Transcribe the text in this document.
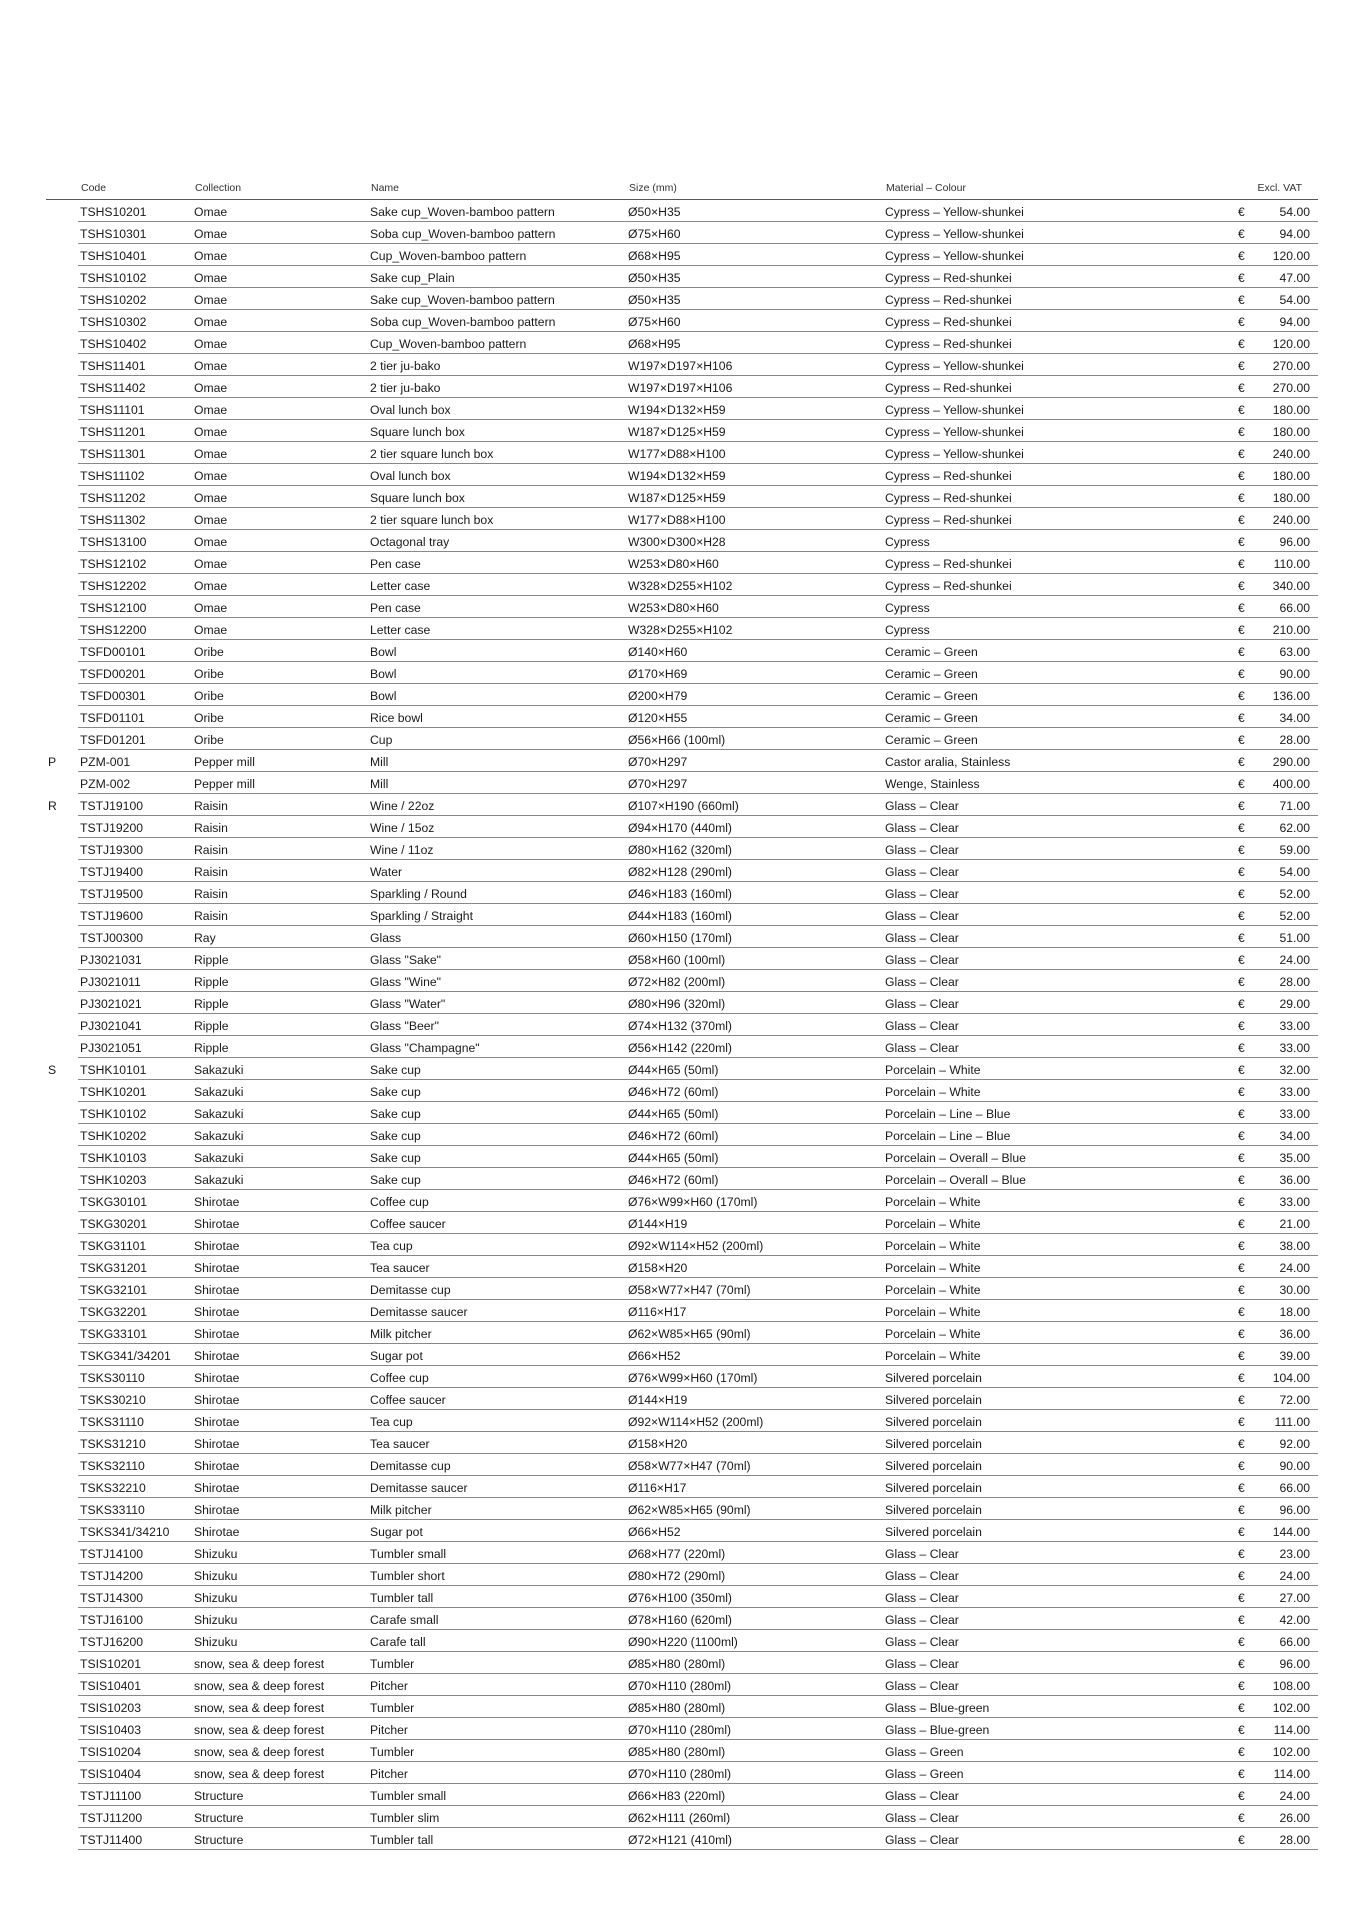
Code	Collection	Name	Size (mm)	Material – Colour	Excl. VAT
TSHS10201	Omae	Sake cup_Woven-bamboo pattern	Ø50×H35	Cypress – Yellow-shunkei	€	54.00
TSHS10301	Omae	Soba cup_Woven-bamboo pattern	Ø75×H60	Cypress – Yellow-shunkei	€	94.00
TSHS10401	Omae	Cup_Woven-bamboo pattern	Ø68×H95	Cypress – Yellow-shunkei	€ 120.00
TSHS10102	Omae	Sake cup_Plain	Ø50×H35	Cypress – Red-shunkei	€	47.00
TSHS10202	Omae	Sake cup_Woven-bamboo pattern	Ø50×H35	Cypress – Red-shunkei	€	54.00
TSHS10302	Omae	Soba cup_Woven-bamboo pattern	Ø75×H60	Cypress – Red-shunkei	€	94.00
TSHS10402	Omae	Cup_Woven-bamboo pattern	Ø68×H95	Cypress – Red-shunkei	€ 120.00
TSHS11401	Omae	2 tier ju-bako	W197×D197×H106	Cypress – Yellow-shunkei	€ 270.00
TSHS11402	Omae	2 tier ju-bako	W197×D197×H106	Cypress – Red-shunkei	€ 270.00
TSHS11101	Omae	Oval lunch box	W194×D132×H59	Cypress – Yellow-shunkei	€ 180.00
TSHS11201	Omae	Square lunch box	W187×D125×H59	Cypress – Yellow-shunkei	€ 180.00
TSHS11301	Omae	2 tier square lunch box	W177×D88×H100	Cypress – Yellow-shunkei	€ 240.00
TSHS11102	Omae	Oval lunch box	W194×D132×H59	Cypress – Red-shunkei	€ 180.00
TSHS11202	Omae	Square lunch box	W187×D125×H59	Cypress – Red-shunkei	€ 180.00
TSHS11302	Omae	2 tier square lunch box	W177×D88×H100	Cypress – Red-shunkei	€ 240.00
TSHS13100	Omae	Octagonal tray	W300×D300×H28	Cypress	€	96.00
TSHS12102	Omae	Pen case	W253×D80×H60	Cypress – Red-shunkei	€ 110.00
TSHS12202	Omae	Letter case	W328×D255×H102	Cypress – Red-shunkei	€ 340.00
TSHS12100	Omae	Pen case	W253×D80×H60	Cypress	€	66.00
TSHS12200	Omae	Letter case	W328×D255×H102	Cypress	€ 210.00
TSFD00101	Oribe	Bowl	Ø140×H60	Ceramic – Green	€	63.00
TSFD00201	Oribe	Bowl	Ø170×H69	Ceramic – Green	€	90.00
TSFD00301	Oribe	Bowl	Ø200×H79	Ceramic – Green	€ 136.00
TSFD01101	Oribe	Rice bowl	Ø120×H55	Ceramic – Green	€	34.00
TSFD01201	Oribe	Cup	Ø56×H66 (100ml)	Ceramic – Green	€	28.00
P PZM-001	Pepper mill	Mill	Ø70×H297	Castor aralia, Stainless	€ 290.00
PZM-002	Pepper mill	Mill	Ø70×H297	Wenge, Stainless	€ 400.00
R TSTJ19100	Raisin	Wine / 22oz	Ø107×H190 (660ml)	Glass – Clear	€	71.00
TSTJ19200	Raisin	Wine / 15oz	Ø94×H170 (440ml)	Glass – Clear	€	62.00
TSTJ19300	Raisin	Wine / 11oz	Ø80×H162 (320ml)	Glass – Clear	€	59.00
TSTJ19400	Raisin	Water	Ø82×H128 (290ml)	Glass – Clear	€	54.00
TSTJ19500	Raisin	Sparkling / Round	Ø46×H183 (160ml)	Glass – Clear	€	52.00
TSTJ19600	Raisin	Sparkling / Straight	Ø44×H183 (160ml)	Glass – Clear	€	52.00
TSTJ00300	Ray	Glass	Ø60×H150 (170ml)	Glass – Clear	€	51.00
PJ3021031	Ripple	Glass "Sake"	Ø58×H60 (100ml)	Glass – Clear	€	24.00
PJ3021011	Ripple	Glass "Wine"	Ø72×H82 (200ml)	Glass – Clear	€	28.00
PJ3021021	Ripple	Glass "Water"	Ø80×H96 (320ml)	Glass – Clear	€	29.00
PJ3021041	Ripple	Glass "Beer"	Ø74×H132 (370ml)	Glass – Clear	€	33.00
PJ3021051	Ripple	Glass "Champagne"	Ø56×H142 (220ml)	Glass – Clear	€	33.00
S TSHK10101	Sakazuki	Sake cup	Ø44×H65 (50ml)	Porcelain – White	€	32.00
TSHK10201	Sakazuki	Sake cup	Ø46×H72 (60ml)	Porcelain – White	€	33.00
TSHK10102	Sakazuki	Sake cup	Ø44×H65 (50ml)	Porcelain – Line – Blue	€	33.00
TSHK10202	Sakazuki	Sake cup	Ø46×H72 (60ml)	Porcelain – Line – Blue	€	34.00
TSHK10103	Sakazuki	Sake cup	Ø44×H65 (50ml)	Porcelain – Overall – Blue	€	35.00
TSHK10203	Sakazuki	Sake cup	Ø46×H72 (60ml)	Porcelain – Overall – Blue	€	36.00
TSKG30101	Shirotae	Coffee cup	Ø76×W99×H60 (170ml)	Porcelain – White	€	33.00
TSKG30201	Shirotae	Coffee saucer	Ø144×H19	Porcelain – White	€	21.00
TSKG31101	Shirotae	Tea cup	Ø92×W114×H52 (200ml)	Porcelain – White	€	38.00
TSKG31201	Shirotae	Tea saucer	Ø158×H20	Porcelain – White	€	24.00
TSKG32101	Shirotae	Demitasse cup	Ø58×W77×H47 (70ml)	Porcelain – White	€	30.00
TSKG32201	Shirotae	Demitasse saucer	Ø116×H17	Porcelain – White	€	18.00
TSKG33101	Shirotae	Milk pitcher	Ø62×W85×H65 (90ml)	Porcelain – White	€	36.00
TSKG341/34201 Shirotae	Sugar pot	Ø66×H52	Porcelain – White	€	39.00
TSKS30110	Shirotae	Coffee cup	Ø76×W99×H60 (170ml)	Silvered porcelain	€ 104.00
TSKS30210	Shirotae	Coffee saucer	Ø144×H19	Silvered porcelain	€	72.00
TSKS31110	Shirotae	Tea cup	Ø92×W114×H52 (200ml)	Silvered porcelain	€ 111.00
TSKS31210	Shirotae	Tea saucer	Ø158×H20	Silvered porcelain	€	92.00
TSKS32110	Shirotae	Demitasse cup	Ø58×W77×H47 (70ml)	Silvered porcelain	€	90.00
TSKS32210	Shirotae	Demitasse saucer	Ø116×H17	Silvered porcelain	€	66.00
TSKS33110	Shirotae	Milk pitcher	Ø62×W85×H65 (90ml)	Silvered porcelain	€	96.00
TSKS341/34210 Shirotae	Sugar pot	Ø66×H52	Silvered porcelain	€ 144.00
TSTJ14100	Shizuku	Tumbler small	Ø68×H77 (220ml)	Glass – Clear	€	23.00
TSTJ14200	Shizuku	Tumbler short	Ø80×H72 (290ml)	Glass – Clear	€	24.00
TSTJ14300	Shizuku	Tumbler tall	Ø76×H100 (350ml)	Glass – Clear	€	27.00
TSTJ16100	Shizuku	Carafe small	Ø78×H160 (620ml)	Glass – Clear	€	42.00
TSTJ16200	Shizuku	Carafe tall	Ø90×H220 (1100ml)	Glass – Clear	€	66.00
TSIS10201	snow, sea & deep forest	Tumbler	Ø85×H80 (280ml)	Glass – Clear	€	96.00
TSIS10401	snow, sea & deep forest	Pitcher	Ø70×H110 (280ml)	Glass – Clear	€ 108.00
TSIS10203	snow, sea & deep forest	Tumbler	Ø85×H80 (280ml)	Glass – Blue-green	€ 102.00
TSIS10403	snow, sea & deep forest	Pitcher	Ø70×H110 (280ml)	Glass – Blue-green	€ 114.00
TSIS10204	snow, sea & deep forest	Tumbler	Ø85×H80 (280ml)	Glass – Green	€ 102.00
TSIS10404	snow, sea & deep forest	Pitcher	Ø70×H110 (280ml)	Glass – Green	€ 114.00
TSTJ11100	Structure	Tumbler small	Ø66×H83 (220ml)	Glass – Clear	€	24.00
TSTJ11200	Structure	Tumbler slim	Ø62×H111 (260ml)	Glass – Clear	€	26.00
TSTJ11400	Structure	Tumbler tall	Ø72×H121 (410ml)	Glass – Clear	€	28.00
